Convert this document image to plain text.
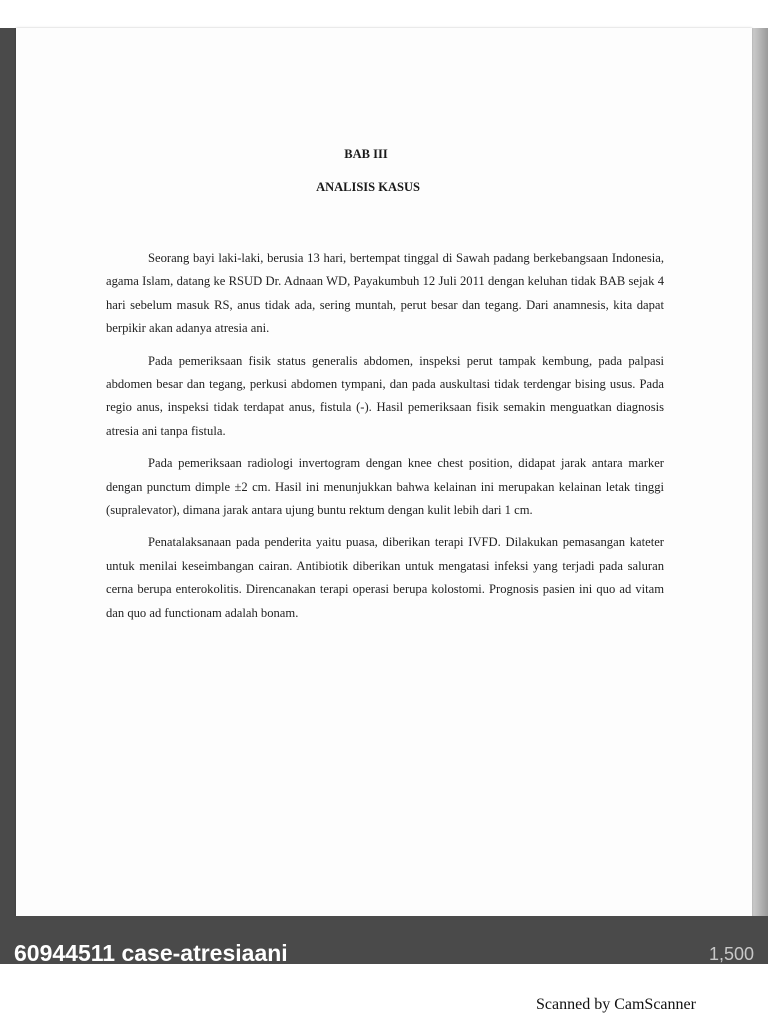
BAB III
ANALISIS KASUS

Seorang bayi laki-laki, berusia 13 hari, bertempat tinggal di Sawah padang berkebangsaan Indonesia, agama Islam, datang ke RSUD Dr. Adnaan WD, Payakumbuh 12 Juli 2011 dengan keluhan tidak BAB sejak 4 hari sebelum masuk RS, anus tidak ada, sering muntah, perut besar dan tegang. Dari anamnesis, kita dapat berpikir akan adanya atresia ani.

Pada pemeriksaan fisik status generalis abdomen, inspeksi perut tampak kembung, pada palpasi abdomen besar dan tegang, perkusi abdomen tympani, dan pada auskultasi tidak terdengar bising usus. Pada regio anus, inspeksi tidak terdapat anus, fistula (-). Hasil pemeriksaan fisik semakin menguatkan diagnosis atresia ani tanpa fistula.

Pada pemeriksaan radiologi invertogram dengan knee chest position, didapat jarak antara marker dengan punctum dimple ±2 cm. Hasil ini menunjukkan bahwa kelainan ini merupakan kelainan letak tinggi (supralevator), dimana jarak antara ujung buntu rektum dengan kulit lebih dari 1 cm.

Penatalaksanaan pada penderita yaitu puasa, diberikan terapi IVFD. Dilakukan pemasangan kateter untuk menilai keseimbangan cairan. Antibiotik diberikan untuk mengatasi infeksi yang terjadi pada saluran cerna berupa enterokolitis. Direncanakan terapi operasi berupa kolostomi. Prognosis pasien ini quo ad vitam dan quo ad functionam adalah bonam.

60944511 case-atresiaani	1,500
Scanned by CamScanner
